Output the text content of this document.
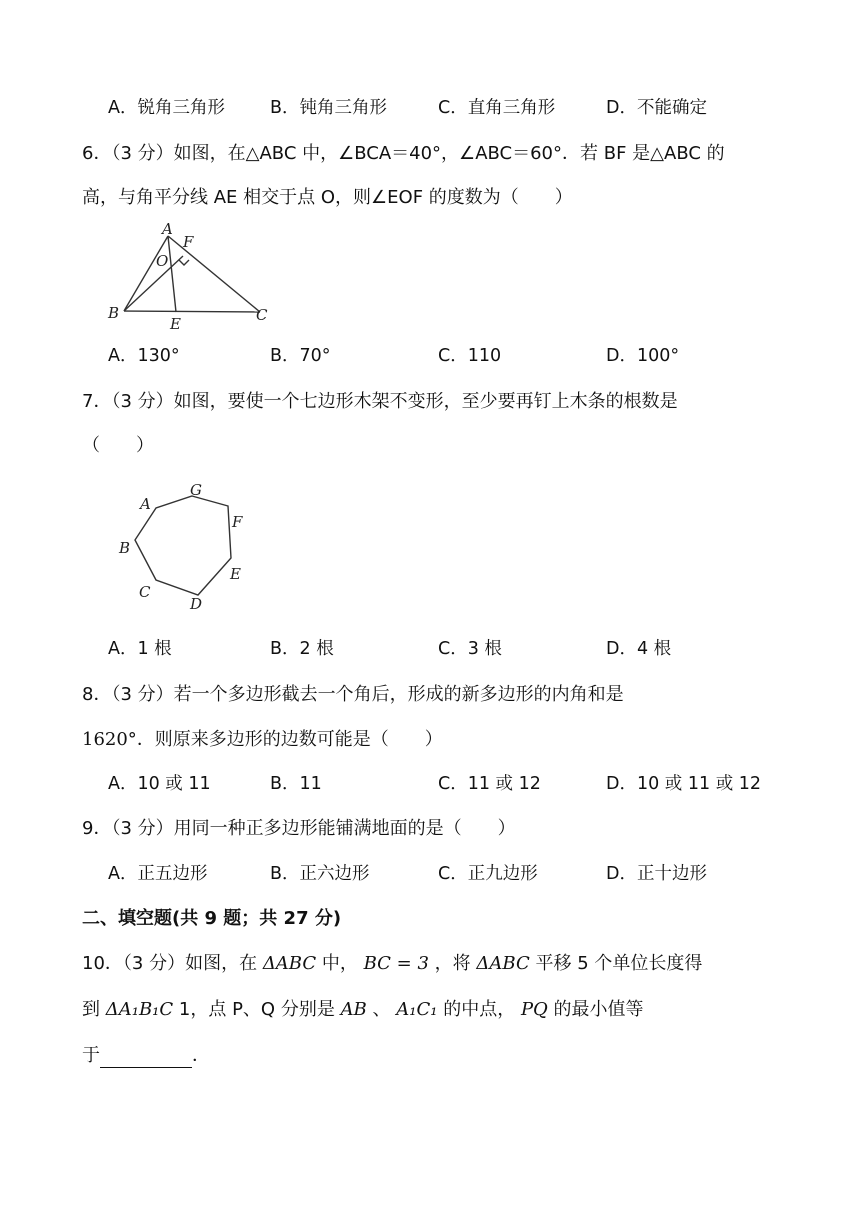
A．锐角三角形	B．钝角三角形	C．直角三角形	D．不能确定
6．（3 分）如图，在△ABC 中，∠BCA＝40°，∠ABC＝60°．若 BF 是△ABC 的
高，与角平分线 AE 相交于点 O，则∠EOF 的度数为（　　）
A
F
O
B
E	C
A．130°	B．70°	C．110	D．100°
7．（3 分）如图，要使一个七边形木架不变形，至少要再钉上木条的根数是
（　　）
A
G
F
E
D
C
B
A．1 根	B．2 根	C．3 根	D．4 根
8．（3 分）若一个多边形截去一个角后，形成的新多边形的内角和是
1620°．则原来多边形的边数可能是（　　）
A．10 或 11	B．11	C．11 或 12	D．10 或 11 或 12
9．（3 分）用同一种正多边形能铺满地面的是（　　）
A．正五边形	B．正六边形	C．正九边形	D．正十边形
二、填空题(共 9 题；共 27 分)
10．（3 分）如图，在 ΔABC 中， BC = 3 ，将 ΔABC 平移 5 个单位长度得
到 ΔA₁B₁C 1，点 P、Q 分别是 AB 、 A₁C₁ 的中点， PQ 的最小值等
于	．
